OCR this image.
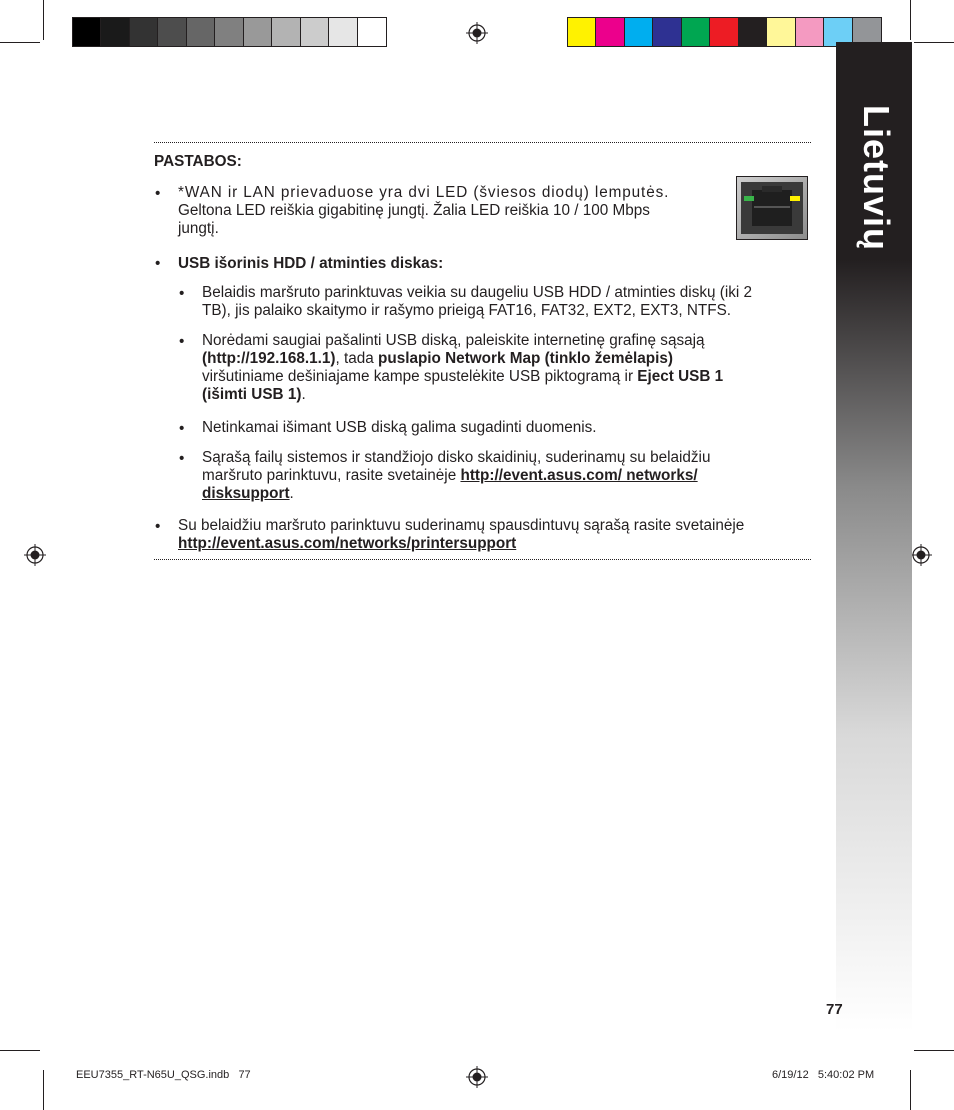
Lietuvių
PASTABOS:
• *WAN ir LAN prievaduose yra dvi LED (šviesos diodų) lemputės.
Geltona LED reiškia gigabitinę jungtį. Žalia LED reiškia 10 / 100 Mbps
jungtį.
• USB išorinis HDD / atminties diskas:
• Belaidis maršruto parinktuvas veikia su daugeliu USB HDD / atminties diskų (iki 2
TB), jis palaiko skaitymo ir rašymo prieigą FAT16, FAT32, EXT2, EXT3, NTFS.
• Norėdami saugiai pašalinti USB diską, paleiskite internetinę grafinę sąsają
(http://192.168.1.1), tada puslapio Network Map (tinklo žemėlapis)
viršutiniame dešiniajame kampe spustelėkite USB piktogramą ir Eject USB 1
(išimti USB 1).
• Netinkamai išimant USB diską galima sugadinti duomenis.
• Sąrašą failų sistemos ir standžiojo disko skaidinių, suderinamų su belaidžiu
maršruto parinktuvu, rasite svetainėje http://event.asus.com/ networks/
disksupport.
• Su belaidžiu maršruto parinktuvu suderinamų spausdintuvų sąrašą rasite svetainėje
http://event.asus.com/networks/printersupport
77
EEU7355_RT-N65U_QSG.indb   77	6/19/12   5:40:02 PM
